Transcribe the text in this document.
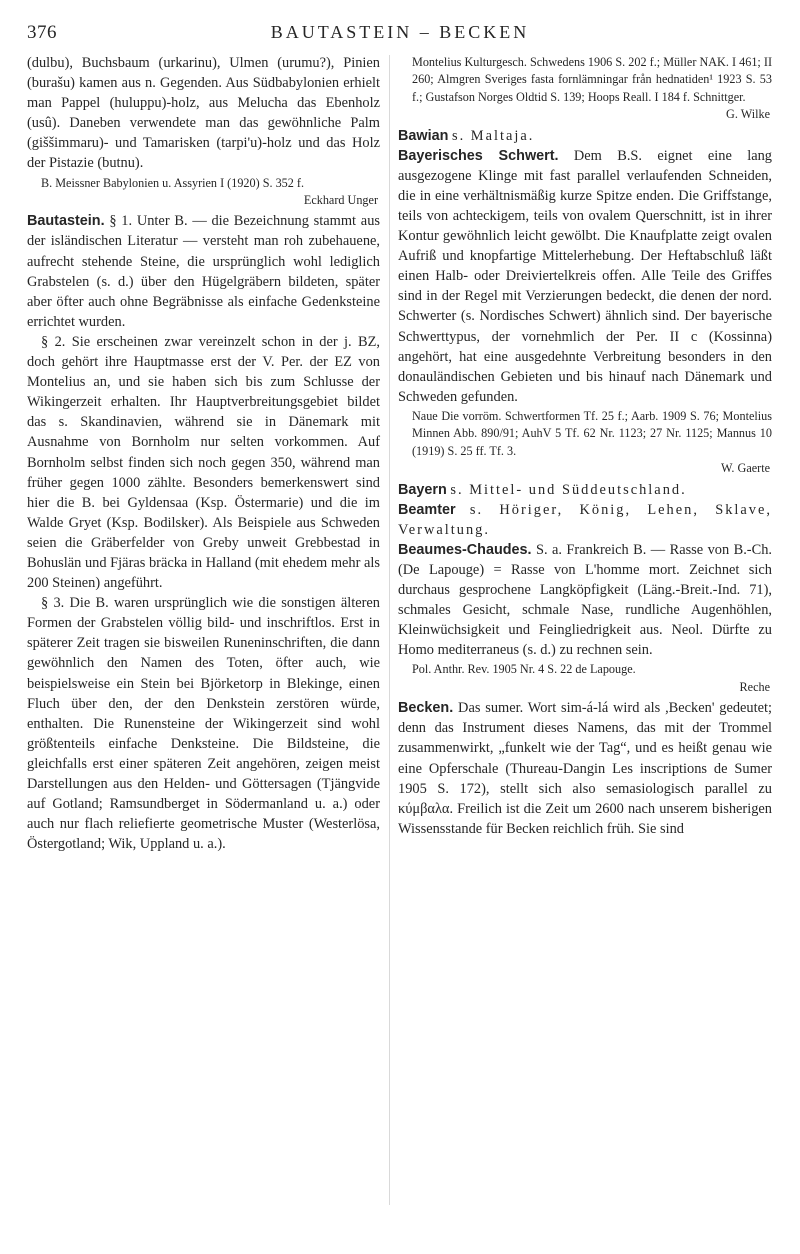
376	BAUTASTEIN – BECKEN

(dulbu), Buchsbaum (urkarinu), Ulmen (urumu?), Pinien (burašu) kamen aus n. Gegenden. Aus Südbabylonien erhielt man Pappel (huluppu)-holz, aus Melucha das Ebenholz (usû). Daneben verwendete man das gewöhnliche Palm (giššimmaru)- und Tamarisken (tarpi'u)-holz und das Holz der Pistazie (butnu).

B. Meissner Babylonien u. Assyrien I (1920) S. 352 f.
Eckhard Unger

Bautastein. § 1. Unter B. — die Bezeichnung stammt aus der isländischen Literatur — versteht man roh zubehauene, aufrecht stehende Steine, die ursprünglich wohl lediglich Grabstelen (s. d.) über den Hügelgräbern bildeten, später aber öfter auch ohne Begräbnisse als einfache Gedenksteine errichtet wurden.

§ 2. Sie erscheinen zwar vereinzelt schon in der j. BZ, doch gehört ihre Hauptmasse erst der V. Per. der EZ von Montelius an, und sie haben sich bis zum Schlusse der Wikingerzeit erhalten. Ihr Hauptverbreitungsgebiet bildet das s. Skandinavien, während sie in Dänemark mit Ausnahme von Bornholm nur selten vorkommen. Auf Bornholm selbst finden sich noch gegen 350, während man früher gegen 1000 zählte. Besonders bemerkenswert sind hier die B. bei Gyldensaa (Ksp. Östermarie) und die im Walde Gryet (Ksp. Bodilsker). Als Beispiele aus Schweden seien die Gräberfelder von Greby unweit Grebbestad in Bohuslän und Fjäras bräcka in Halland (mit ehedem mehr als 200 Steinen) angeführt.

§ 3. Die B. waren ursprünglich wie die sonstigen älteren Formen der Grabstelen völlig bild- und inschriftlos. Erst in späterer Zeit tragen sie bisweilen Runeninschriften, die dann gewöhnlich den Namen des Toten, öfter auch, wie beispielsweise ein Stein bei Björketorp in Blekinge, einen Fluch über den, der den Denkstein zerstören würde, enthalten. Die Runensteine der Wikingerzeit sind wohl größtenteils einfache Denksteine. Die Bildsteine, die gleichfalls erst einer späteren Zeit angehören, zeigen meist Darstellungen aus den Helden- und Göttersagen (Tjängvide auf Gotland; Ramsundberget in Södermanland u. a.) oder auch nur flach reliefierte geometrische Muster (Westerlösa, Östergotland; Wik, Uppland u. a.).

Montelius Kulturgesch. Schwedens 1906 S. 202 f.; Müller NAK. I 461; II 260; Almgren Sveriges fasta fornlämningar från hednatiden¹ 1923 S. 53 f.; Gustafson Norges Oldtid S. 139; Hoops Reall. I 184 f. Schnittger.
G. Wilke

Bawian s. Maltaja.

Bayerisches Schwert. Dem B.S. eignet eine lang ausgezogene Klinge mit fast parallel verlaufenden Schneiden, die in eine verhältnismäßig kurze Spitze enden. Die Griffstange, teils von achteckigem, teils von ovalem Querschnitt, ist in ihrer Kontur gewöhnlich leicht gewölbt. Die Knaufplatte zeigt ovalen Aufriß und knopfartige Mittelerhebung. Der Heftabschluß läßt einen Halb- oder Dreiviertelkreis offen. Alle Teile des Griffes sind in der Regel mit Verzierungen bedeckt, die denen der nord. Schwerter (s. Nordisches Schwert) ähnlich sind. Der bayerische Schwerttypus, der vornehmlich der Per. II c (Kossinna) angehört, hat eine ausgedehnte Verbreitung besonders in den donauländischen Gebieten und bis hinauf nach Dänemark und Schweden gefunden.

Naue Die vorröm. Schwertformen Tf. 25 f.; Aarb. 1909 S. 76; Montelius Minnen Abb. 890/91; AuhV 5 Tf. 62 Nr. 1123; 27 Nr. 1125; Mannus 10 (1919) S. 25 ff. Tf. 3.
W. Gaerte

Bayern s. Mittel- und Süddeutschland.

Beamter s. Höriger, König, Lehen, Sklave, Verwaltung.

Beaumes-Chaudes. S. a. Frankreich B. — Rasse von B.-Ch. (De Lapouge) = Rasse von L'homme mort. Zeichnet sich durchaus gesprochene Langköpfigkeit (Läng.-Breit.-Ind. 71), schmales Gesicht, schmale Nase, rundliche Augenhöhlen, Kleinwüchsigkeit und Feingliedrigkeit aus. Neol. Dürfte zu Homo mediterraneus (s. d.) zu rechnen sein.

Pol. Anthr. Rev. 1905 Nr. 4 S. 22 de Lapouge.
Reche

Becken. Das sumer. Wort sim-á-lá wird als ,Becken' gedeutet; denn das Instrument dieses Namens, das mit der Trommel zusammenwirkt, „funkelt wie der Tag“, und es heißt genau wie eine Opferschale (Thureau-Dangin Les inscriptions de Sumer 1905 S. 172), stellt sich also semasiologisch parallel zu κύμβαλα. Freilich ist die Zeit um 2600 nach unserem bisherigen Wissensstande für Becken reichlich früh. Sie sind
